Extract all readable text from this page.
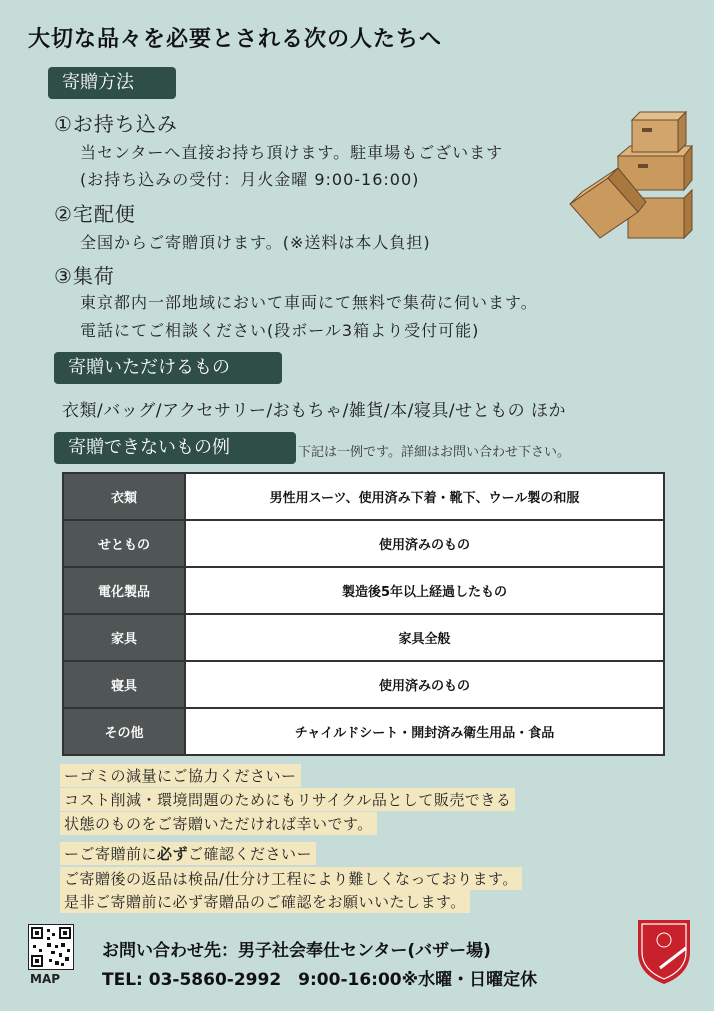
大切な品々を必要とされる次の人たちへ
寄贈方法
①お持ち込み
当センターへ直接お持ち頂けます。駐車場もございます
(お持ち込みの受付：月火金曜 9:00-16:00)
②宅配便
全国からご寄贈頂けます。(※送料は本人負担)
③集荷
東京都内一部地域において車両にて無料で集荷に伺います。
電話にてご相談ください(段ボール3箱より受付可能)
寄贈いただけるもの
衣類/バッグ/アクセサリー/おもちゃ/雑貨/本/寝具/せともの ほか
寄贈できないもの例	下記は一例です。詳細はお問い合わせ下さい。
衣類	男性用スーツ、使用済み下着・靴下、ウール製の和服
せともの	使用済みのもの
電化製品	製造後5年以上経過したもの
家具	家具全般
寝具	使用済みのもの
その他	チャイルドシート・開封済み衛生用品・食品
ーゴミの減量にご協力くださいー
コスト削減・環境問題のためにもリサイクル品として販売できる
状態のものをご寄贈いただければ幸いです。
ーご寄贈前に必ずご確認くださいー
ご寄贈後の返品は検品/仕分け工程により難しくなっております。
是非ご寄贈前に必ず寄贈品のご確認をお願いいたします。
MAP
お問い合わせ先：男子社会奉仕センター(バザー場)
TEL: 03-5860-2992　9:00-16:00※水曜・日曜定休
